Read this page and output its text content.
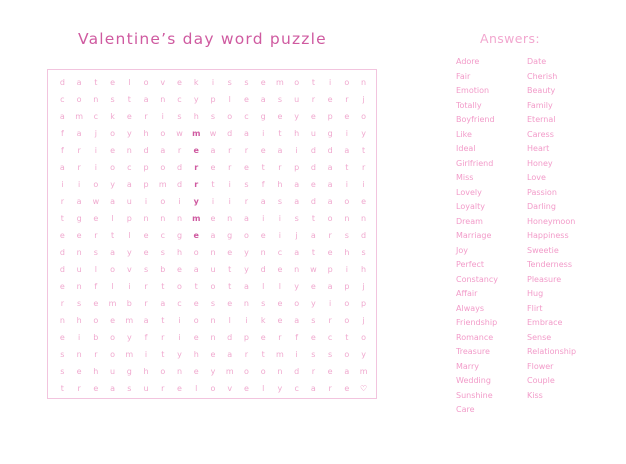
Valentine’s day word puzzle
d	a	t	e	l	o	v	e	k	i	s	s	e	m	o	t	i	o	n
c	o	n	s	t	a	n	c	y	p	l	e	a	s	u	r	e	r	j
a	m	c	k	e	r	i	s	h	s	o	c	g	e	y	e	p	e	o
f	a	j	o	y	h	o	w	m	w	d	a	i	t	h	u	g	i	y
f	r	i	e	n	d	a	r	e	a	r	r	e	a	i	d	d	a	t
a	r	i	o	c	p	o	d	r	e	r	e	t	r	p	d	a	t	r
i	i	o	y	a	p	m	d	r	t	i	s	f	h	a	e	a	i	i
r	a	w	a	u	i	o	i	y	i	i	r	a	s	a	d	a	o	e
t	g	e	l	p	n	n	n	m	e	n	a	i	i	s	t	o	n	n
e	e	r	t	l	e	c	g	e	a	g	o	e	i	j	a	r	s	d
d	n	s	a	y	e	s	h	o	n	e	y	n	c	a	t	e	h	s
d	u	l	o	v	s	b	e	a	u	t	y	d	e	n	w	p	i	h
e	n	f	l	i	r	t	o	t	o	t	a	l	l	y	e	a	p	j
r	s	e	m	b	r	a	c	e	s	e	n	s	e	o	y	i	o	p
n	h	o	e	m	a	t	i	o	n	l	i	k	e	a	s	r	o	j
e	i	b	o	y	f	r	i	e	n	d	p	e	r	f	e	c	t	o
s	n	r	o	m	i	t	y	h	e	a	r	t	m	i	s	s	o	y
s	e	h	u	g	h	o	n	e	y	m	o	o	n	d	r	e	a	m
t	r	e	a	s	u	r	e	l	o	v	e	l	y	c	a	r	e	♡
Answers:
Adore
Fair
Emotion
Totally
Boyfriend
Like
Ideal
Girlfriend
Miss
Lovely
Loyalty
Dream
Marriage
Joy
Perfect
Constancy
Affair
Always
Friendship
Romance
Treasure
Marry
Wedding
Sunshine
Care
Date
Cherish
Beauty
Family
Eternal
Caress
Heart
Honey
Love
Passion
Darling
Honeymoon
Happiness
Sweetie
Tenderness
Pleasure
Hug
Flirt
Embrace
Sense
Relationship
Flower
Couple
Kiss
